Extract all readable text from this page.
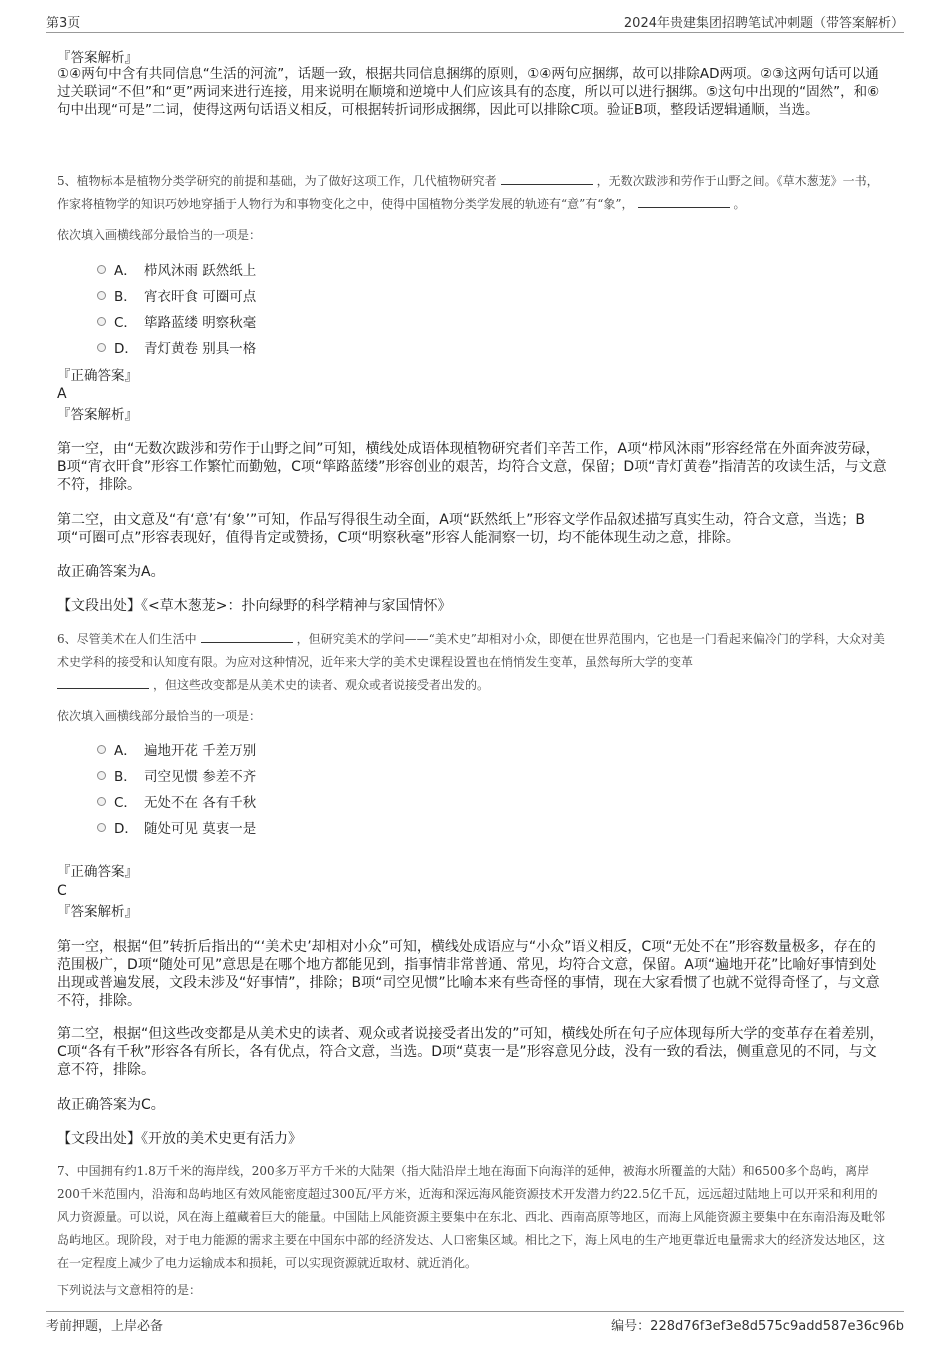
第3页	2024年贵建集团招聘笔试冲刺题（带答案解析）
『答案解析』
①④两句中含有共同信息“生活的河流”，话题一致，根据共同信息捆绑的原则，①④两句应捆绑，故可以排除AD两项。②③这两句话可以通过关联词“不但”和“更”两词来进行连接，用来说明在顺境和逆境中人们应该具有的态度，所以可以进行捆绑。⑤这句中出现的“固然”，和⑥句中出现“可是”二词，使得这两句话语义相反，可根据转折词形成捆绑，因此可以排除C项。验证B项，整段话逻辑通顺，当选。
5、植物标本是植物分类学研究的前提和基础，为了做好这项工作，几代植物研究者	，无数次跋涉和劳作于山野之间。《草木葱茏》一书，作家将植物学的知识巧妙地穿插于人物行为和事物变化之中，使得中国植物分类学发展的轨迹有“意”有“象”，	。
依次填入画横线部分最恰当的一项是：
A． 栉风沐雨 跃然纸上
B． 宵衣旰食 可圈可点
C． 筚路蓝缕 明察秋毫
D． 青灯黄卷 别具一格
『正确答案』
A
『答案解析』
第一空，由“无数次跋涉和劳作于山野之间”可知，横线处成语体现植物研究者们辛苦工作，A项“栉风沐雨”形容经常在外面奔波劳碌，B项“宵衣旰食”形容工作繁忙而勤勉，C项“筚路蓝缕”形容创业的艰苦，均符合文意，保留；D项“青灯黄卷”指清苦的攻读生活，与文意不符，排除。
第二空，由文意及“有‘意’有‘象’”可知，作品写得很生动全面，A项“跃然纸上”形容文学作品叙述描写真实生动，符合文意，当选；B项“可圈可点”形容表现好，值得肯定或赞扬，C项“明察秋毫”形容人能洞察一切，均不能体现生动之意，排除。
故正确答案为A。
【文段出处】《<草木葱茏>：扑向绿野的科学精神与家国情怀》
6、尽管美术在人们生活中	，但研究美术的学问——“美术史”却相对小众，即便在世界范围内，它也是一门看起来偏冷门的学科，大众对美术史学科的接受和认知度有限。为应对这种情况，近年来大学的美术史课程设置也在悄悄发生变革，虽然每所大学的变革
，但这些改变都是从美术史的读者、观众或者说接受者出发的。
依次填入画横线部分最恰当的一项是：
A． 遍地开花 千差万别
B． 司空见惯 参差不齐
C． 无处不在 各有千秋
D． 随处可见 莫衷一是
『正确答案』
C
『答案解析』
第一空，根据“但”转折后指出的“‘美术史’却相对小众”可知，横线处成语应与“小众”语义相反，C项“无处不在”形容数量极多，存在的范围极广，D项“随处可见”意思是在哪个地方都能见到，指事情非常普通、常见，均符合文意，保留。A项“遍地开花”比喻好事情到处出现或普遍发展，文段未涉及“好事情”，排除；B项“司空见惯”比喻本来有些奇怪的事情，现在大家看惯了也就不觉得奇怪了，与文意不符，排除。
第二空，根据“但这些改变都是从美术史的读者、观众或者说接受者出发的”可知，横线处所在句子应体现每所大学的变革存在着差别，C项“各有千秋”形容各有所长，各有优点，符合文意，当选。D项“莫衷一是”形容意见分歧，没有一致的看法，侧重意见的不同，与文意不符，排除。
故正确答案为C。
【文段出处】《开放的美术史更有活力》
7、中国拥有约1.8万千米的海岸线，200多万平方千米的大陆架（指大陆沿岸土地在海面下向海洋的延伸，被海水所覆盖的大陆）和6500多个岛屿，离岸200千米范围内，沿海和岛屿地区有效风能密度超过300瓦/平方米，近海和深远海风能资源技术开发潜力约22.5亿千瓦，远远超过陆地上可以开采和利用的风力资源量。可以说，风在海上蕴藏着巨大的能量。中国陆上风能资源主要集中在东北、西北、西南高原等地区，而海上风能资源主要集中在东南沿海及毗邻岛屿地区。现阶段，对于电力能源的需求主要在中国东中部的经济发达、人口密集区域。相比之下，海上风电的生产地更靠近电量需求大的经济发达地区，这在一定程度上减少了电力运输成本和损耗，可以实现资源就近取材、就近消化。
下列说法与文意相符的是：
考前押题，上岸必备	编号：228d76f3ef3e8d575c9add587e36c96b
